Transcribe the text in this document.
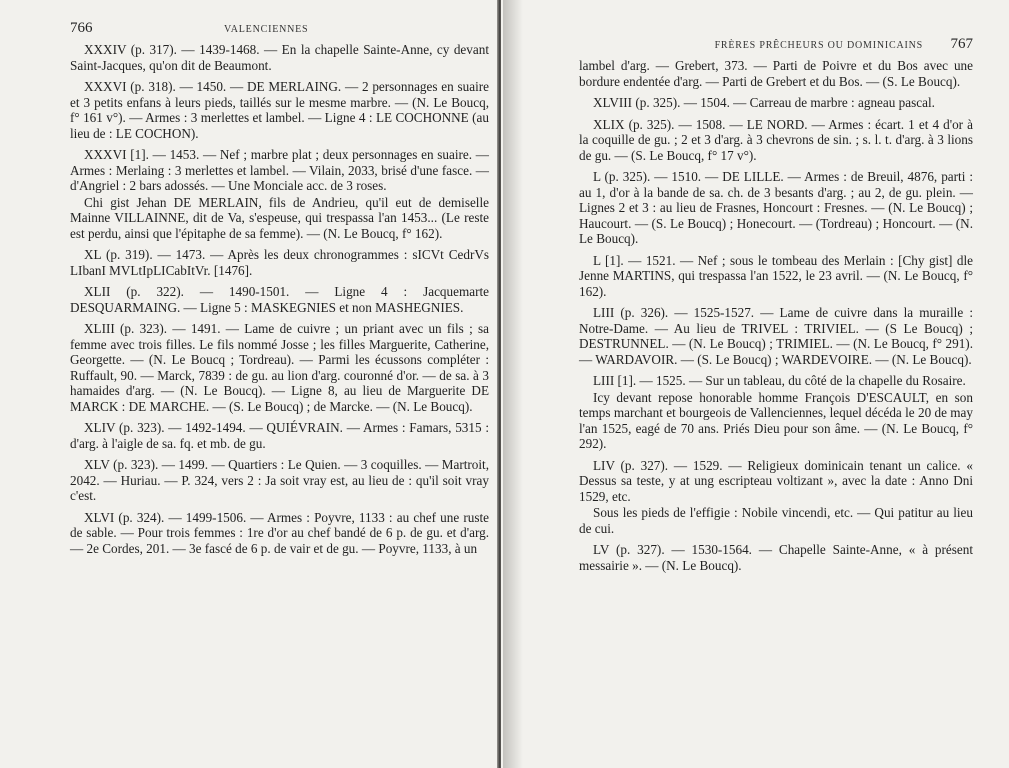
766	VALENCIENNES

XXXIV (p. 317). — 1439-1468. — En la chapelle Sainte-Anne, cy devant Saint-Jacques, qu'on dit de Beaumont.

XXXVI (p. 318). — 1450. — DE MERLAING. — 2 personnages en suaire et 3 petits enfans à leurs pieds, taillés sur le mesme marbre. — (N. Le Boucq, f° 161 v°). — Armes : 3 merlettes et lambel. — Ligne 4 : LE COCHONNE (au lieu de : LE COCHON).

XXXVI [1]. — 1453. — Nef ; marbre plat ; deux personnages en suaire. — Armes : Merlaing : 3 merlettes et lambel. — Vilain, 2033, brisé d'une fasce. — d'Angriel : 2 bars adossés. — Une Monciale acc. de 3 roses.

Chi gist Jehan DE MERLAIN, fils de Andrieu, qu'il eut de demiselle Mainne VILLAINNE, dit de Va, s'espeuse, qui trespassa l'an 1453... (Le reste est perdu, ainsi que l'épitaphe de sa femme). — (N. Le Boucq, f° 162).

XL (p. 319). — 1473. — Après les deux chronogrammes : sICVt CedrVs LIbanI MVLtIpLICabItVr. [1476].

XLII (p. 322). — 1490-1501. — Ligne 4 : Jacquemarte DESQUARMAING. — Ligne 5 : MASKEGNIES et non MASHEGNIES.

XLIII (p. 323). — 1491. — Lame de cuivre ; un priant avec un fils ; sa femme avec trois filles. Le fils nommé Josse ; les filles Marguerite, Catherine, Georgette. — (N. Le Boucq ; Tordreau). — Parmi les écussons compléter : Ruffault, 90. — Marck, 7839 : de gu. au lion d'arg. couronné d'or. — de sa. à 3 hamaides d'arg. — (N. Le Boucq). — Ligne 8, au lieu de Marguerite DE MARCK : DE MARCHE. — (S. Le Boucq) ; de Marcke. — (N. Le Boucq).

XLIV (p. 323). — 1492-1494. — QUIÉVRAIN. — Armes : Famars, 5315 : d'arg. à l'aigle de sa. fq. et mb. de gu.

XLV (p. 323). — 1499. — Quartiers : Le Quien. — 3 coquilles. — Martroit, 2042. — Huriau. — P. 324, vers 2 : Ja soit vray est, au lieu de : qu'il soit vray c'est.

XLVI (p. 324). — 1499-1506. — Armes : Poyvre, 1133 : au chef une ruste de sable. — Pour trois femmes : 1re d'or au chef bandé de 6 p. de gu. et d'arg. — 2e Cordes, 201. — 3e fascé de 6 p. de vair et de gu. — Poyvre, 1133, à un

FRÈRES PRÊCHEURS OU DOMINICAINS 767

lambel d'arg. — Grebert, 373. — Parti de Poivre et du Bos avec une bordure endentée d'arg. — Parti de Grebert et du Bos. — (S. Le Boucq).

XLVIII (p. 325). — 1504. — Carreau de marbre : agneau pascal.

XLIX (p. 325). — 1508. — LE NORD. — Armes : écart. 1 et 4 d'or à la coquille de gu. ; 2 et 3 d'arg. à 3 chevrons de sin. ; s. l. t. d'arg. à 3 lions de gu. — (S. Le Boucq, f° 17 v°).

L (p. 325). — 1510. — DE LILLE. — Armes : de Breuil, 4876, parti : au 1, d'or à la bande de sa. ch. de 3 besants d'arg. ; au 2, de gu. plein. — Lignes 2 et 3 : au lieu de Frasnes, Honcourt : Fresnes. — (N. Le Boucq) ; Haucourt. — (S. Le Boucq) ; Honecourt. — (Tordreau) ; Honcourt. — (N. Le Boucq).

L [1]. — 1521. — Nef ; sous le tombeau des Merlain : [Chy gist] dle Jenne MARTINS, qui trespassa l'an 1522, le 23 avril. — (N. Le Boucq, f° 162).

LIII (p. 326). — 1525-1527. — Lame de cuivre dans la muraille : Notre-Dame. — Au lieu de TRIVEL : TRIVIEL. — (S Le Boucq) ; DESTRUNNEL. — (N. Le Boucq) ; TRIMIEL. — (N. Le Boucq, f° 291). — WARDAVOIR. — (S. Le Boucq) ; WARDEVOIRE. — (N. Le Boucq).

LIII [1]. — 1525. — Sur un tableau, du côté de la chapelle du Rosaire.

Icy devant repose honorable homme François D'ESCAULT, en son temps marchant et bourgeois de Vallenciennes, lequel décéda le 20 de may l'an 1525, eagé de 70 ans. Priés Dieu pour son âme. — (N. Le Boucq, f° 292).

LIV (p. 327). — 1529. — Religieux dominicain tenant un calice. « Dessus sa teste, y at ung escripteau voltizant », avec la date : Anno Dni 1529, etc.

Sous les pieds de l'effigie : Nobile vincendi, etc. — Qui patitur au lieu de cui.

LV (p. 327). — 1530-1564. — Chapelle Sainte-Anne, « à présent messairie ». — (N. Le Boucq).
